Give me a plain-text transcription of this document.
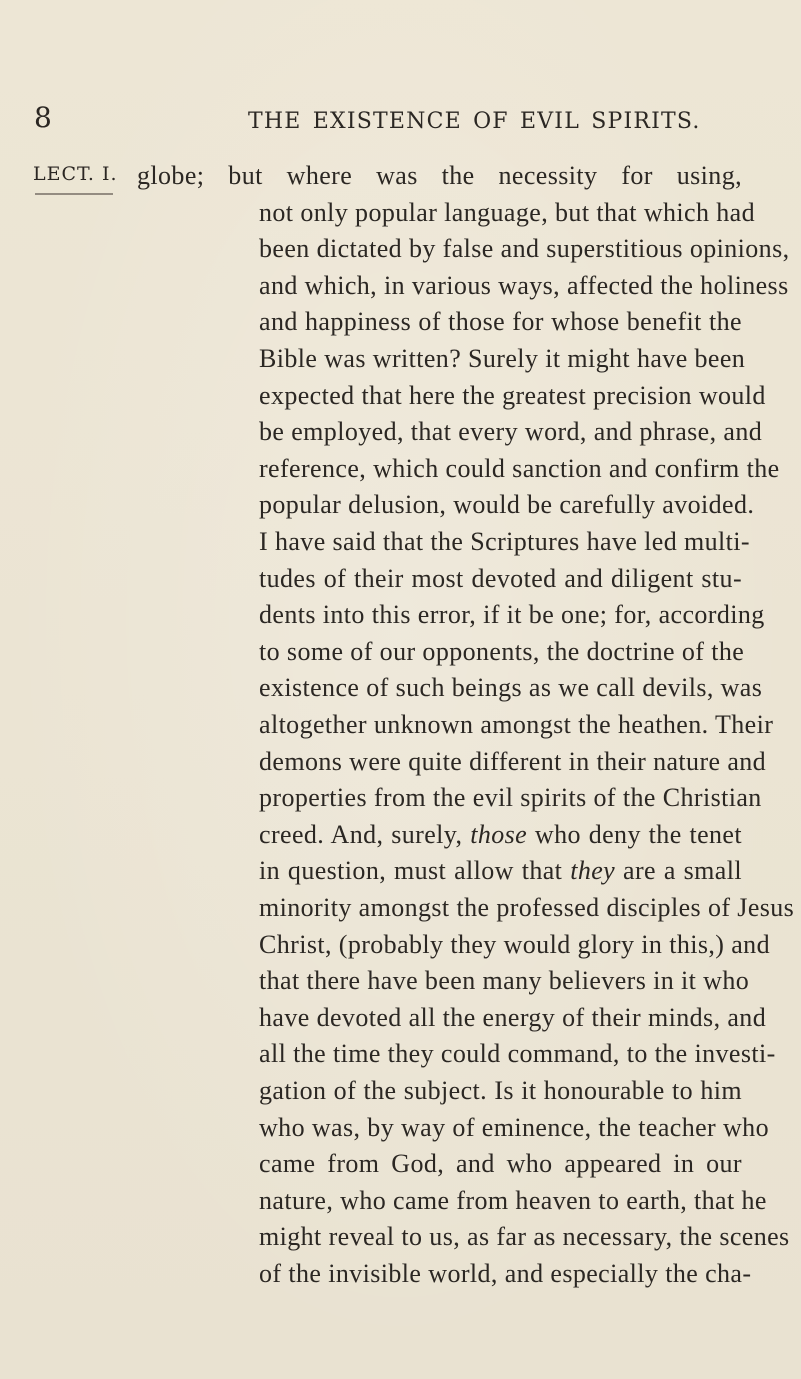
8	THE EXISTENCE OF EVIL SPIRITS.
LECT. I. globe; but where was the necessity for using,
not only popular language, but that which had
been dictated by false and superstitious opinions,
and which, in various ways, affected the holiness
and happiness of those for whose benefit the
Bible was written? Surely it might have been
expected that here the greatest precision would
be employed, that every word, and phrase, and
reference, which could sanction and confirm the
popular delusion, would be carefully avoided.
I have said that the Scriptures have led multi-
tudes of their most devoted and diligent stu-
dents into this error, if it be one; for, according
to some of our opponents, the doctrine of the
existence of such beings as we call devils, was
altogether unknown amongst the heathen. Their
demons were quite different in their nature and
properties from the evil spirits of the Christian
creed. And, surely, those who deny the tenet
in question, must allow that they are a small
minority amongst the professed disciples of Jesus
Christ, (probably they would glory in this,) and
that there have been many believers in it who
have devoted all the energy of their minds, and
all the time they could command, to the investi-
gation of the subject. Is it honourable to him
who was, by way of eminence, the teacher who
came from God, and who appeared in our
nature, who came from heaven to earth, that he
might reveal to us, as far as necessary, the scenes
of the invisible world, and especially the cha-
